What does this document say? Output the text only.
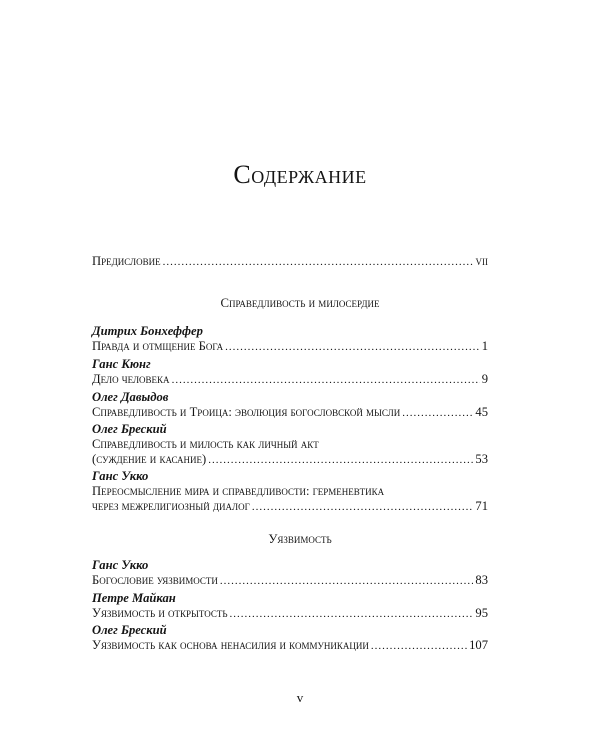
Содержание
Предисловие .....	vii
Справедливость и милосердие
Дитрих Бонхеффер
Правда и отмщение Бога .....	1
Ганс Кюнг
Дело человека .....	9
Олег Давыдов
Справедливость и Троица: эволюция богословской мысли .....	45
Олег Бреский
Справедливость и милость как личный акт
(суждение и касание) .....	53
Ганс Укко
Переосмысление мира и справедливости: герменевтика
через межрелигиозный диалог .....	71
Уязвимость
Ганс Укко
Богословие уязвимости .....	83
Петре Майкан
Уязвимость и открытость .....	95
Олег Бреский
Уязвимость как основа ненасилия и коммуникации .....	107
v
